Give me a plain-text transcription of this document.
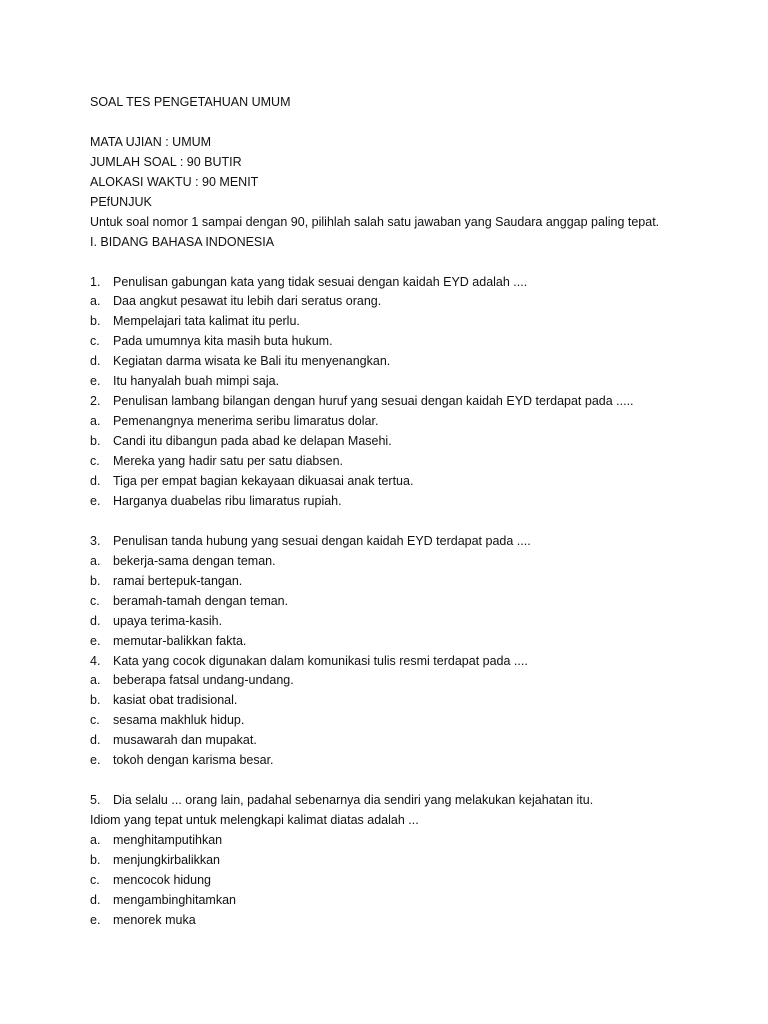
SOAL TES PENGETAHUAN UMUM
MATA UJIAN : UMUM
JUMLAH SOAL : 90 BUTIR
ALOKASI WAKTU : 90 MENIT
PEfUNJUK
Untuk soal nomor 1 sampai dengan 90, pilihlah salah satu jawaban yang Saudara anggap paling tepat.
I. BIDANG BAHASA INDONESIA
1. Penulisan gabungan kata yang tidak sesuai dengan kaidah EYD adalah ....
a. Daa angkut pesawat itu lebih dari seratus orang.
b. Mempelajari tata kalimat itu perlu.
c. Pada umumnya kita masih buta hukum.
d. Kegiatan darma wisata ke Bali itu menyenangkan.
e. Itu hanyalah buah mimpi saja.
2. Penulisan lambang bilangan dengan huruf yang sesuai dengan kaidah EYD terdapat pada .....
a. Pemenangnya menerima seribu limaratus dolar.
b. Candi itu dibangun pada abad ke delapan Masehi.
c. Mereka yang hadir satu per satu diabsen.
d. Tiga per empat bagian kekayaan dikuasai anak tertua.
e. Harganya duabelas ribu limaratus rupiah.
3. Penulisan tanda hubung yang sesuai dengan kaidah EYD terdapat pada ....
a. bekerja-sama dengan teman.
b. ramai bertepuk-tangan.
c. beramah-tamah dengan teman.
d. upaya terima-kasih.
e. memutar-balikkan fakta.
4. Kata yang cocok digunakan dalam komunikasi tulis resmi terdapat pada ....
a. beberapa fatsal undang-undang.
b. kasiat obat tradisional.
c. sesama makhluk hidup.
d. musawarah dan mupakat.
e. tokoh dengan karisma besar.
5. Dia selalu ... orang lain, padahal sebenarnya dia sendiri yang melakukan kejahatan itu.
Idiom yang tepat untuk melengkapi kalimat diatas adalah ...
a. menghitamputihkan
b. menjungkirbalikkan
c. mencocok hidung
d. mengambinghitamkan
e. menorek muka
